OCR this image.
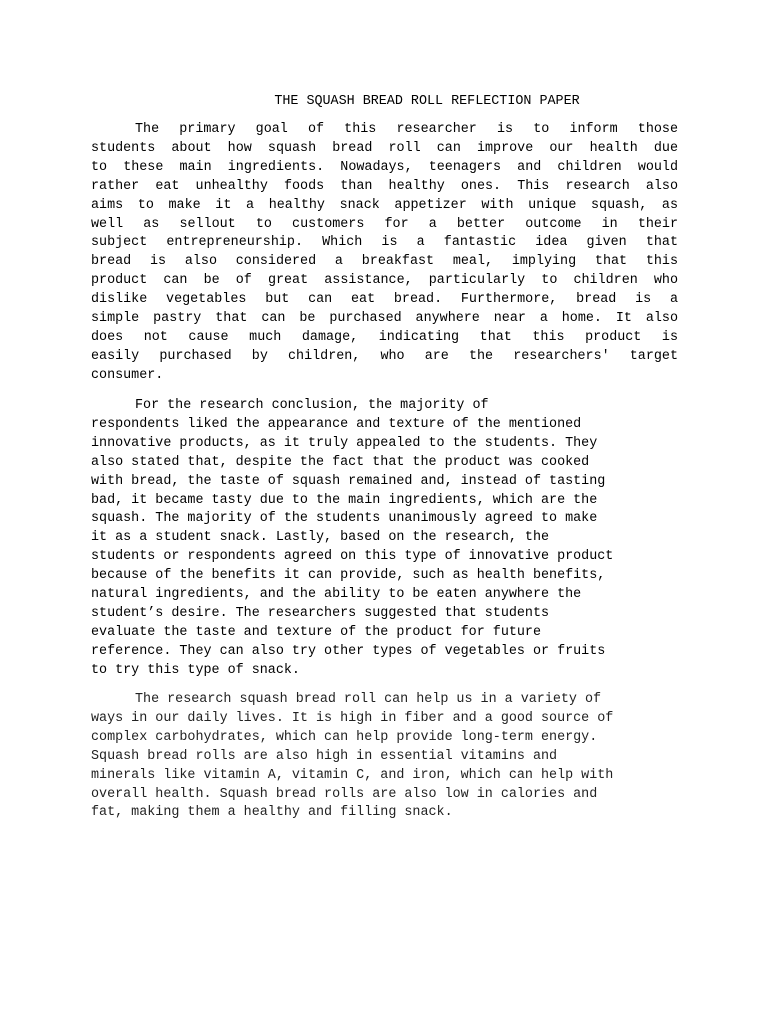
THE SQUASH BREAD ROLL REFLECTION PAPER
The primary goal of this researcher is to inform those
students about how squash bread roll can improve our health due
to these main ingredients. Nowadays, teenagers and children would
rather eat unhealthy foods than healthy ones. This research also
aims to make it a healthy snack appetizer with unique squash, as
well as sellout to customers for a better outcome in their
subject entrepreneurship. Which is a fantastic idea given that
bread is also considered a breakfast meal, implying that this
product can be of great assistance, particularly to children who
dislike vegetables but can eat bread. Furthermore, bread is a
simple pastry that can be purchased anywhere near a home. It also
does not cause much damage, indicating that this product is
easily purchased by children, who are the researchers' target
consumer.
For the research conclusion, the majority of
respondents liked the appearance and texture of the mentioned
innovative products, as it truly appealed to the students. They
also stated that, despite the fact that the product was cooked
with bread, the taste of squash remained and, instead of tasting
bad, it became tasty due to the main ingredients, which are the
squash. The majority of the students unanimously agreed to make
it as a student snack. Lastly, based on the research, the
students or respondents agreed on this type of innovative product
because of the benefits it can provide, such as health benefits,
natural ingredients, and the ability to be eaten anywhere the
student’s desire. The researchers suggested that students
evaluate the taste and texture of the product for future
reference. They can also try other types of vegetables or fruits
to try this type of snack.
The research squash bread roll can help us in a variety of
ways in our daily lives. It is high in fiber and a good source of
complex carbohydrates, which can help provide long-term energy.
Squash bread rolls are also high in essential vitamins and
minerals like vitamin A, vitamin C, and iron, which can help with
overall health. Squash bread rolls are also low in calories and
fat, making them a healthy and filling snack.
